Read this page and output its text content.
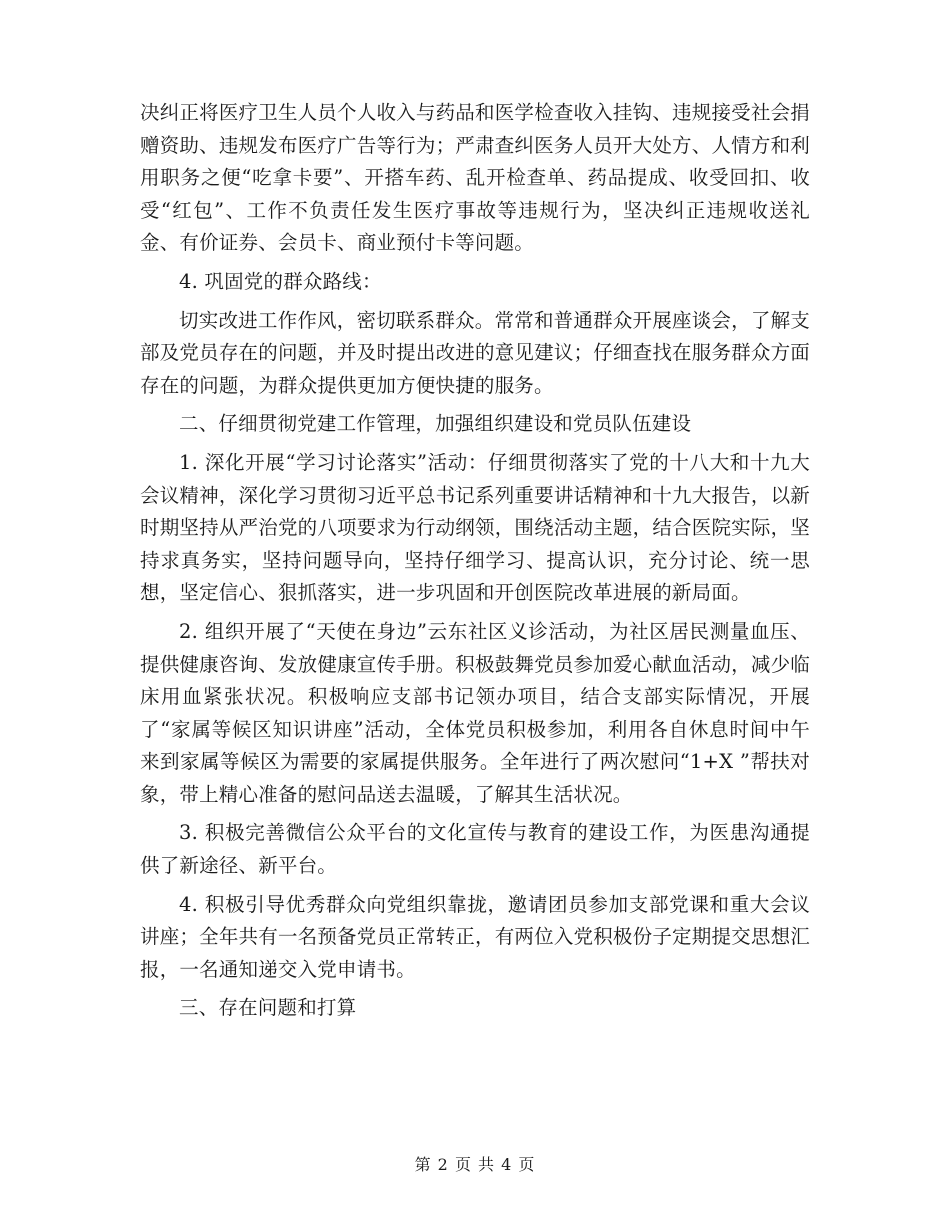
决纠正将医疗卫生人员个人收入与药品和医学检查收入挂钩、违规接受社会捐赠资助、违规发布医疗广告等行为；严肃查纠医务人员开大处方、人情方和利用职务之便“吃拿卡要”、开搭车药、乱开检查单、药品提成、收受回扣、收受“红包”、工作不负责任发生医疗事故等违规行为，坚决纠正违规收送礼金、有价证券、会员卡、商业预付卡等问题。

4. 巩固党的群众路线：

切实改进工作作风，密切联系群众。常常和普通群众开展座谈会，了解支部及党员存在的问题，并及时提出改进的意见建议；仔细查找在服务群众方面存在的问题，为群众提供更加方便快捷的服务。

二、仔细贯彻党建工作管理，加强组织建设和党员队伍建设

1. 深化开展“学习讨论落实”活动：仔细贯彻落实了党的十八大和十九大会议精神，深化学习贯彻习近平总书记系列重要讲话精神和十九大报告，以新时期坚持从严治党的八项要求为行动纲领，围绕活动主题，结合医院实际，坚持求真务实，坚持问题导向，坚持仔细学习、提高认识，充分讨论、统一思想，坚定信心、狠抓落实，进一步巩固和开创医院改革进展的新局面。

2. 组织开展了“天使在身边”云东社区义诊活动，为社区居民测量血压、提供健康咨询、发放健康宣传手册。积极鼓舞党员参加爱心献血活动，减少临床用血紧张状况。积极响应支部书记领办项目，结合支部实际情况，开展了“家属等候区知识讲座”活动，全体党员积极参加，利用各自休息时间中午来到家属等候区为需要的家属提供服务。全年进行了两次慰问“1+X ”帮扶对象，带上精心准备的慰问品送去温暖，了解其生活状况。

3. 积极完善微信公众平台的文化宣传与教育的建设工作，为医患沟通提供了新途径、新平台。

4. 积极引导优秀群众向党组织靠拢，邀请团员参加支部党课和重大会议讲座；全年共有一名预备党员正常转正，有两位入党积极份子定期提交思想汇报，一名通知递交入党申请书。

三、存在问题和打算

第 2 页 共 4 页
